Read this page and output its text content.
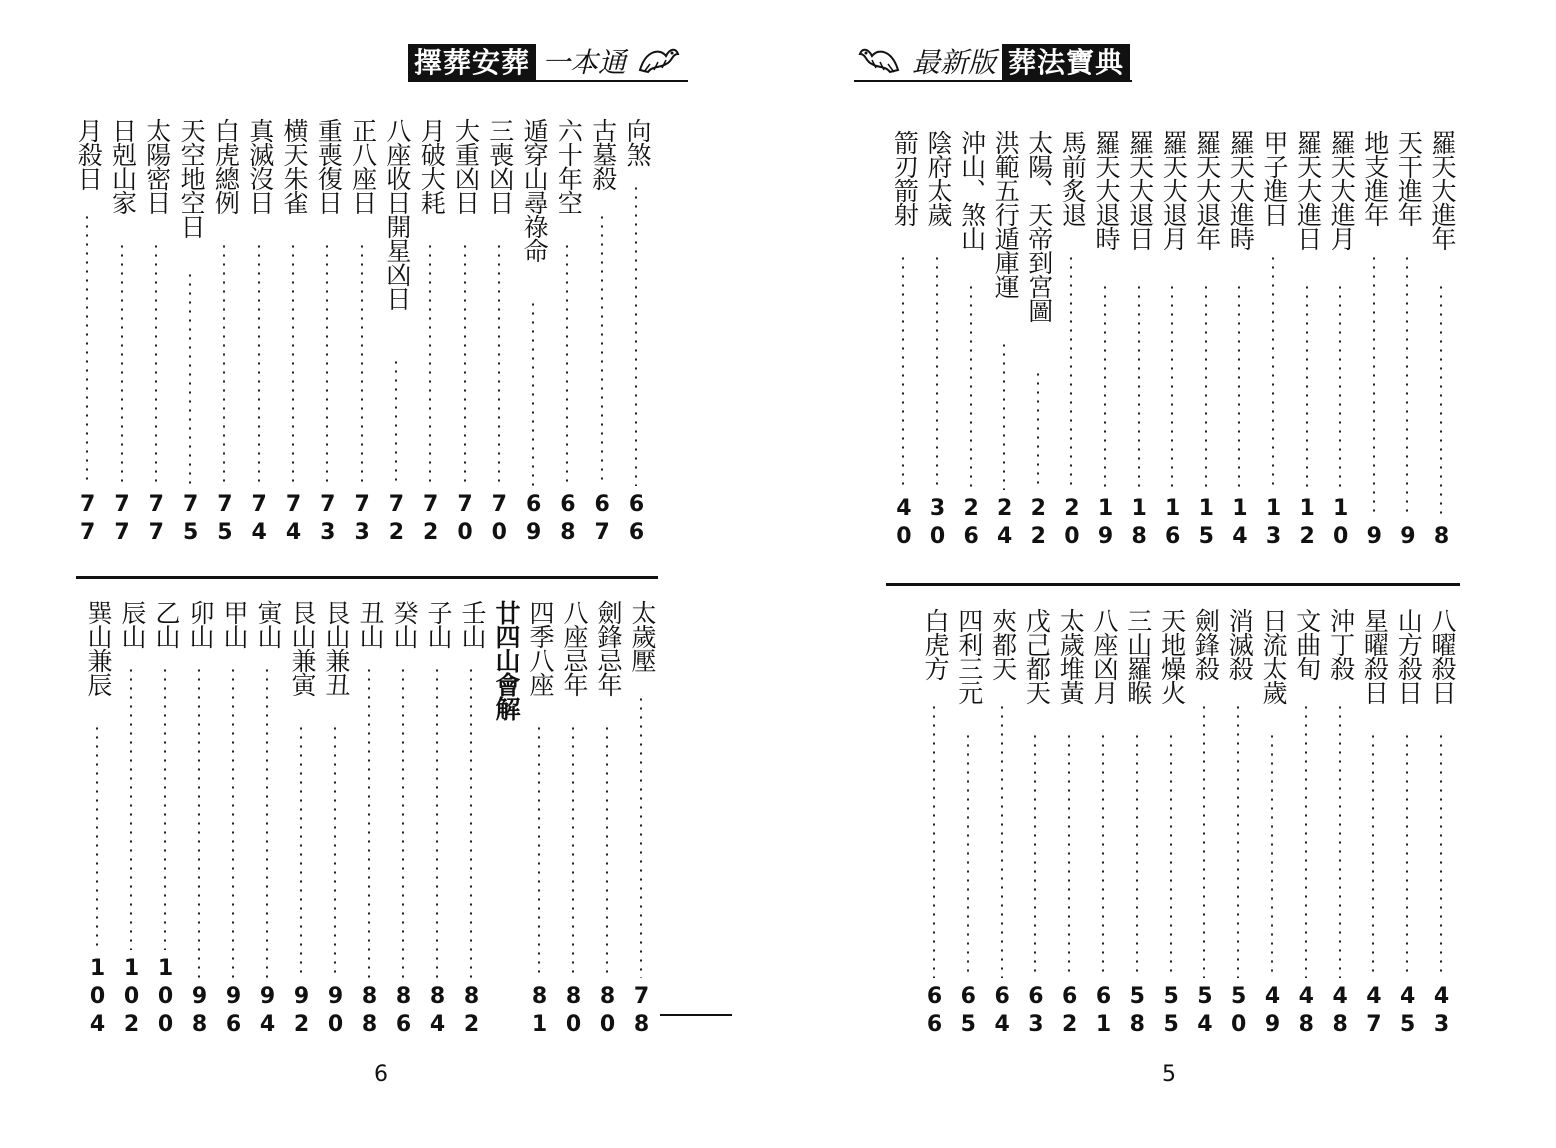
擇葬安葬 一本通	最新版 葬法寶典
向煞
66
古墓殺
67
六十年空
68
遁穿山尋祿命
69
三喪凶日
70
大重凶日
70
月破大耗
72
八座收日開星凶日
72
正八座日
73
重喪復日
73
横天朱雀
74
真滅沒日
74
白虎總例
75
天空地空日
75
太陽密日
77
日剋山家
77
月殺日
77
太歲壓
78
劍鋒忌年
80
八座忌年
80
四季八座
81
廿四山會解
壬山
82
子山
84
癸山
86
丑山
88
艮山兼丑
90
艮山兼寅
92
寅山
94
甲山
96
卯山
98
乙山
100
辰山
102
巽山兼辰
104
羅天大進年
8
天干進年
9
地支進年
9
羅天大進月
10
羅天大進日
12
甲子進日
13
羅天大進時
14
羅天大退年
15
羅天大退月
16
羅天大退日
18
羅天大退時
19
馬前炙退
20
太陽、天帝到宮圖
22
洪範五行遁庫運
24
沖山、煞山
26
陰府太歲
30
箭刃箭射
40
八曜殺日
43
山方殺日
45
星曜殺日
47
沖丁殺
48
文曲旬
48
日流太歲
49
消滅殺
50
劍鋒殺
54
天地燥火
55
三山羅睺
58
八座凶月
61
太歲堆黃
62
戊己都天
63
夾都天
64
四利三元
65
白虎方
66
6	5
